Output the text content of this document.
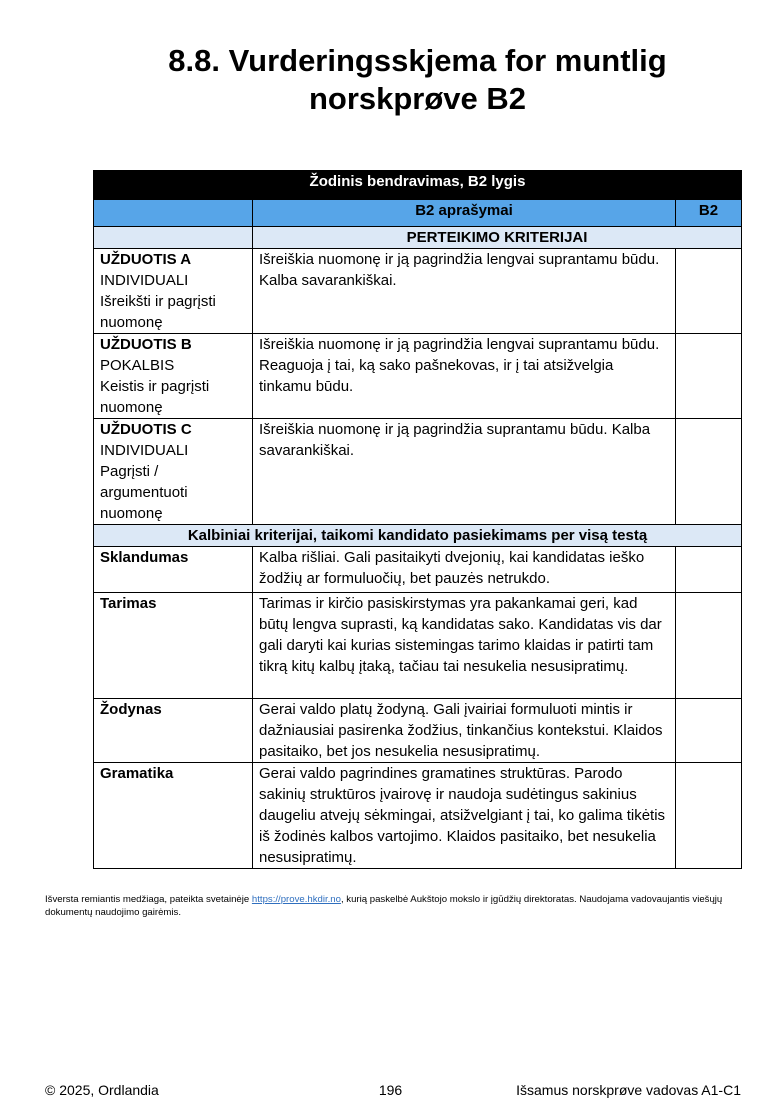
8.8. Vurderingsskjema for muntlig norskprøve B2
Žodinis bendravimas, B2 lygis		
	B2 aprašymai	B2
	PERTEIKIMO KRITERIJAI	

UŽDUOTIS A
INDIVIDUALI
Išreikšti ir pagrįsti nuomonę	Išreiškia nuomonę ir ją pagrindžia lengvai suprantamu būdu. Kalba savarankiškai.	

UŽDUOTIS B
POKALBIS
Keistis ir pagrįsti nuomonę	Išreiškia nuomonę ir ją pagrindžia lengvai suprantamu būdu. Reaguoja į tai, ką sako pašnekovas, ir į tai atsižvelgia tinkamu būdu.	

UŽDUOTIS C
INDIVIDUALI
Pagrįsti / argumentuoti nuomonę	Išreiškia nuomonę ir ją pagrindžia suprantamu būdu. Kalba savarankiškai.	
Kalbiniai kriterijai, taikomi kandidato pasiekimams per visą testą		
Sklandumas	Kalba rišliai. Gali pasitaikyti dvejonių, kai kandidatas ieško žodžių ar formuluočių, bet pauzės netrukdo.	
Tarimas	Tarimas ir kirčio pasiskirstymas yra pakankamai geri, kad būtų lengva suprasti, ką kandidatas sako. Kandidatas vis dar gali daryti kai kurias sistemingas tarimo klaidas ir patirti tam tikrą kitų kalbų įtaką, tačiau tai nesukelia nesusipratimų.	
Žodynas	Gerai valdo platų žodyną. Gali įvairiai formuluoti mintis ir dažniausiai pasirenka žodžius, tinkančius kontekstui. Klaidos pasitaiko, bet jos nesukelia nesusipratimų.	
Gramatika	Gerai valdo pagrindines gramatines struktūras. Parodo sakinių struktūros įvairovę ir naudoja sudėtingus sakinius daugeliu atvejų sėkmingai, atsižvelgiant į tai, ko galima tikėtis iš žodinės kalbos vartojimo. Klaidos pasitaiko, bet nesukelia nesusipratimų.	
Išversta remiantis medžiaga, pateikta svetainėje https://prove.hkdir.no, kurią paskelbė Aukštojo mokslo ir įgūdžių direktoratas. Naudojama vadovaujantis viešųjų dokumentų naudojimo gairėmis.
© 2025, Ordlandia	196	Išsamus norskprøve vadovas A1-C1
